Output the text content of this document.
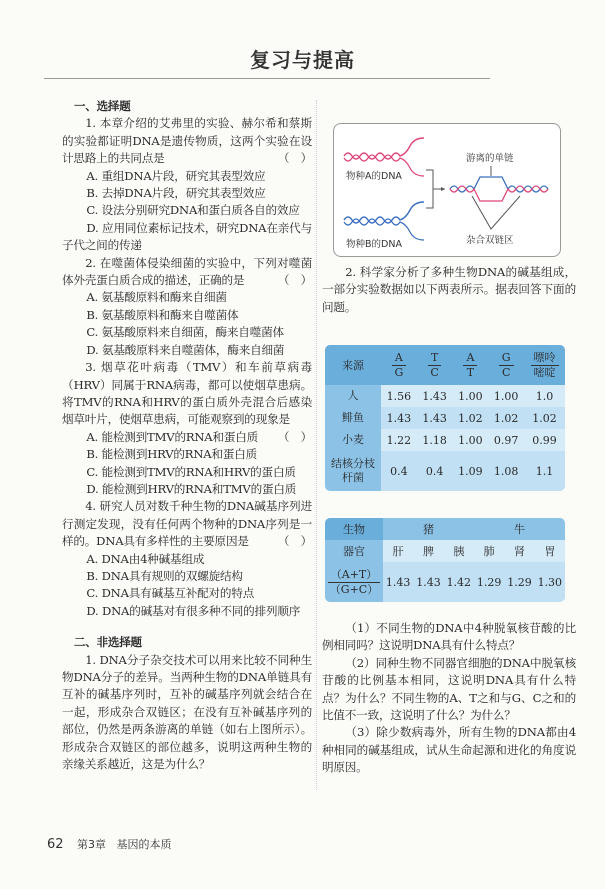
复习与提高

一、选择题

1. 本章介绍的艾弗里的实验、赫尔希和蔡斯的实验都证明DNA是遗传物质，这两个实验在设计思路上的共同点是	（　）

A. 重组DNA片段，研究其表型效应

B. 去掉DNA片段，研究其表型效应

C. 设法分别研究DNA和蛋白质各自的效应

D. 应用同位素标记技术，研究DNA在亲代与子代之间的传递

2. 在噬菌体侵染细菌的实验中，下列对噬菌体外壳蛋白质合成的描述，正确的是	（　）

A. 氨基酸原料和酶来自细菌

B. 氨基酸原料和酶来自噬菌体

C. 氨基酸原料来自细菌，酶来自噬菌体

D. 氨基酸原料来自噬菌体，酶来自细菌

3. 烟草花叶病毒（TMV）和车前草病毒（HRV）同属于RNA病毒，都可以使烟草患病。将TMV的RNA和HRV的蛋白质外壳混合后感染烟草叶片，使烟草患病，可能观察到的现象是
（　）

A. 能检测到TMV的RNA和蛋白质

B. 能检测到HRV的RNA和蛋白质

C. 能检测到TMV的RNA和HRV的蛋白质

D. 能检测到HRV的RNA和TMV的蛋白质

4. 研究人员对数千种生物的DNA碱基序列进行测定发现，没有任何两个物种的DNA序列是一样的。DNA具有多样性的主要原因是	（　）

A. DNA由4种碱基组成

B. DNA具有规则的双螺旋结构

C. DNA具有碱基互补配对的特点

D. DNA的碱基对有很多种不同的排列顺序

二、非选择题

1. DNA分子杂交技术可以用来比较不同种生物DNA分子的差异。当两种生物的DNA单链具有互补的碱基序列时，互补的碱基序列就会结合在一起，形成杂合双链区；在没有互补碱基序列的部位，仍然是两条游离的单链（如右上图所示）。形成杂合双链区的部位越多，说明这两种生物的亲缘关系越近，这是为什么？

物种A的DNA
物种B的DNA
游离的单链
杂合双链区

2. 科学家分析了多种生物DNA的碱基组成，一部分实验数据如以下两表所示。据表回答下面的问题。

来源	$\frac{A}{G}$	$\frac{T}{C}$	$\frac{A}{T}$	$\frac{G}{C}$	$\frac{\text{嘌呤}}{\text{嘧啶}}$

人	1.56	1.43	1.00	1.00	1.0
鲱鱼	1.43	1.43	1.02	1.02	1.02
小麦	1.22	1.18	1.00	0.97	0.99
结核分枝杆菌	0.4	0.4	1.09	1.08	1.1
生物	猪			牛		
器官	肝	脾	胰	肺	肾	胃

$\frac{(A+T)}{(G+C)}$	1.43	1.43	1.42	1.29	1.29	1.30

（1）不同生物的DNA中4种脱氧核苷酸的比例相同吗？这说明DNA具有什么特点？

（2）同种生物不同器官细胞的DNA中脱氧核苷酸的比例基本相同，这说明DNA具有什么特点？为什么？不同生物的A、T之和与G、C之和的比值不一致，这说明了什么？为什么？

（3）除少数病毒外，所有生物的DNA都由4种相同的碱基组成，试从生命起源和进化的角度说明原因。

62 第3章 基因的本质
